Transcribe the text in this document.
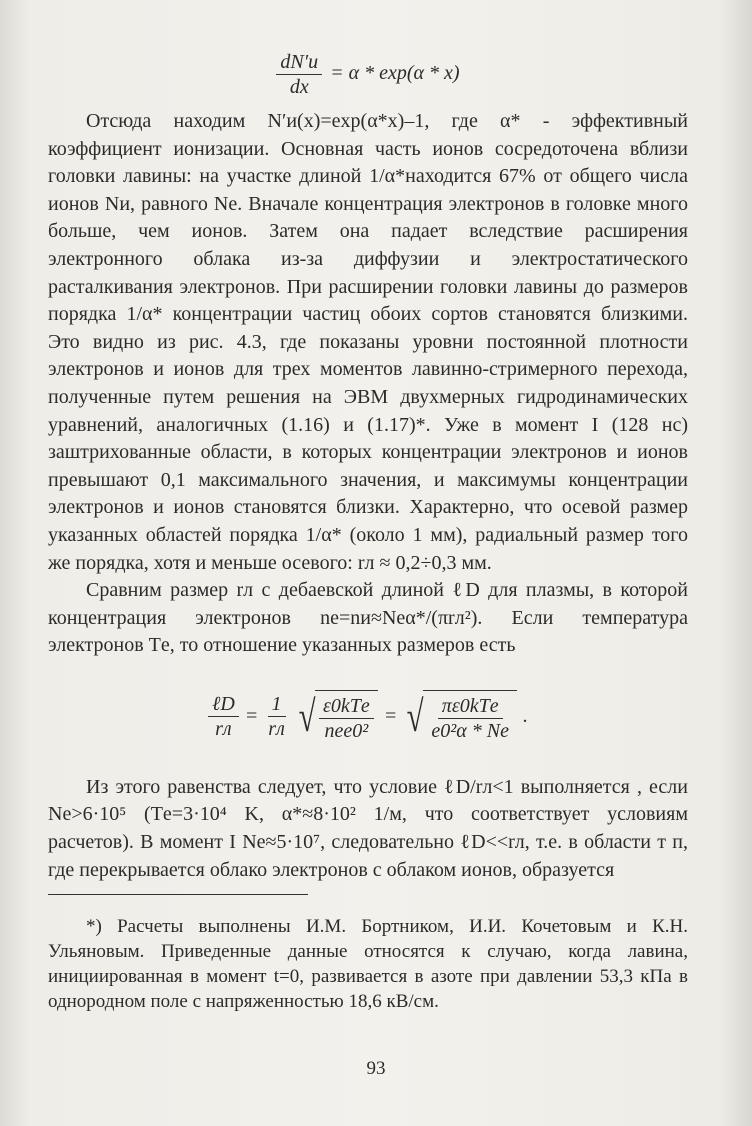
$\frac{dN'и}{dx} = \alpha * \exp(\alpha * x)$

Отсюда находим N′и(x)=exp(α*x)–1, где α* - эффективный коэффициент ионизации. Основная часть ионов сосредоточена вблизи головки лавины: на участке длиной 1/α*находится 67% от общего числа ионов Nи, равного Nе. Вначале концентрация электронов в головке много больше, чем ионов. Затем она падает вследствие расширения электронного облака из-за диффузии и электростатического расталкивания электронов. При расширении головки лавины до размеров порядка 1/α* концентрации частиц обоих сортов становятся близкими. Это видно из рис. 4.3, где показаны уровни постоянной плотности электронов и ионов для трех моментов лавинно-стримерного перехода, полученные путем решения на ЭВМ двухмерных гидродинамических уравнений, аналогичных (1.16) и (1.17)*. Уже в момент I (128 нс) заштрихованные области, в которых концентрации электронов и ионов превышают 0,1 максимального значения, и максимумы концентрации электронов и ионов становятся близки. Характерно, что осевой размер указанных областей порядка 1/α* (около 1 мм), радиальный размер того же порядка, хотя и меньше осевого: rл ≈ 0,2÷0,3 мм.

Сравним размер rл с дебаевской длиной ℓD для плазмы, в которой концентрация электронов nе=nи≈Nеα*/(πrл²). Если температура электронов Tе, то отношение указанных размеров есть

$\frac{\text{ℓD}}{rл} = \frac{1}{rл}$ √ $\frac{\text{ε0kTе}}{\text{nеe0²}}$ = √ $\frac{\text{πε0kTе}}{\text{e0²α * Nе}}$ .

Из этого равенства следует, что условие ℓD/rл<1 выполняется , если Nе>6·10⁵ (Tе=3·10⁴ K, α*≈8·10² 1/м, что соответствует условиям расчетов). В момент I Nе≈5·10⁷, следовательно ℓD<<rл, т.е. в области т п, где перекрывается облако электронов с облаком ионов, образуется

*) Расчеты выполнены И.М. Бортником, И.И. Кочетовым и К.Н. Ульяновым. Приведенные данные относятся к случаю, когда лавина, инициированная в момент t=0, развивается в азоте при давлении 53,3 кПа в однородном поле с напряженностью 18,6 кВ/см.

93
